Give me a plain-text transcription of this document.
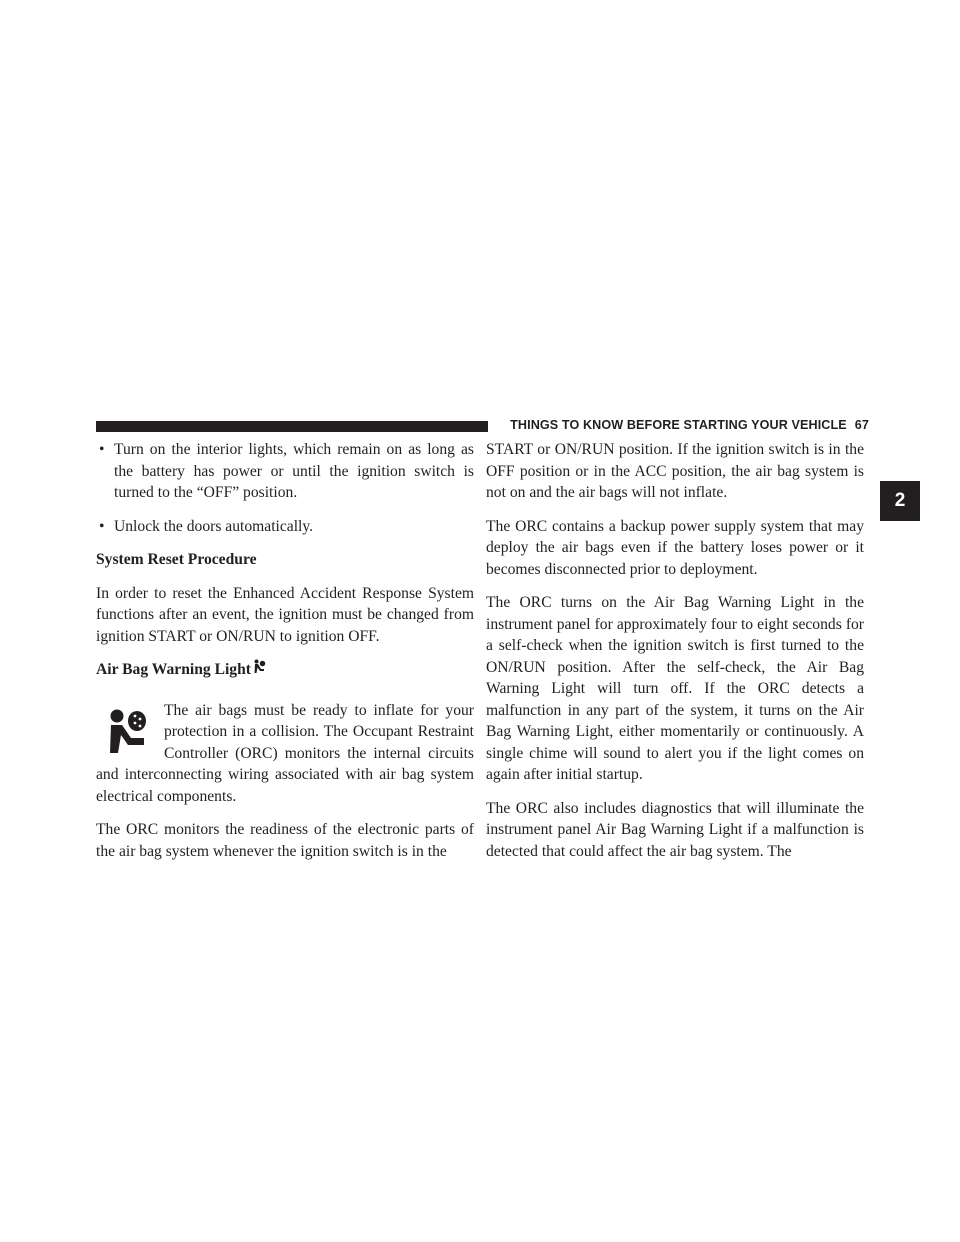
THINGS TO KNOW BEFORE STARTING YOUR VEHICLE 67
2
• Turn on the interior lights, which remain on as long as the battery has power or until the ignition switch is turned to the “OFF” position.
• Unlock the doors automatically.
System Reset Procedure

In order to reset the Enhanced Accident Response System functions after an event, the ignition must be changed from ignition START or ON/RUN to ignition OFF.

Air Bag Warning Light

The air bags must be ready to inflate for your protection in a collision. The Occupant Restraint Controller (ORC) monitors the internal circuits and interconnecting wiring associated with air bag system electrical components.

The ORC monitors the readiness of the electronic parts of the air bag system whenever the ignition switch is in the

START or ON/RUN position. If the ignition switch is in the OFF position or in the ACC position, the air bag system is not on and the air bags will not inflate.

The ORC contains a backup power supply system that may deploy the air bags even if the battery loses power or it becomes disconnected prior to deployment.

The ORC turns on the Air Bag Warning Light in the instrument panel for approximately four to eight seconds for a self-check when the ignition switch is first turned to the ON/RUN position. After the self-check, the Air Bag Warning Light will turn off. If the ORC detects a malfunction in any part of the system, it turns on the Air Bag Warning Light, either momentarily or continuously. A single chime will sound to alert you if the light comes on again after initial startup.

The ORC also includes diagnostics that will illuminate the instrument panel Air Bag Warning Light if a malfunction is detected that could affect the air bag system. The
